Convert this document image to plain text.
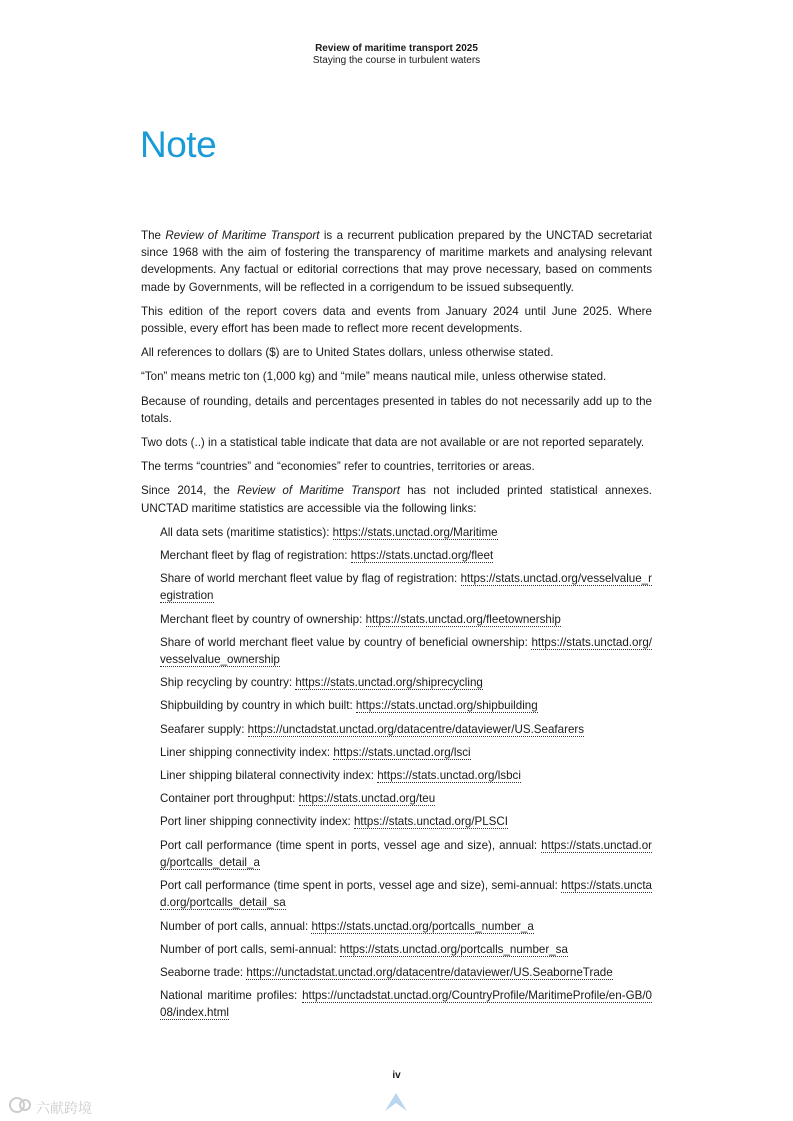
Review of maritime transport 2025
Staying the course in turbulent waters
Note

The Review of Maritime Transport is a recurrent publication prepared by the UNCTAD secretariat since 1968 with the aim of fostering the transparency of maritime markets and analysing relevant developments. Any factual or editorial corrections that may prove necessary, based on comments made by Governments, will be reflected in a corrigendum to be issued subsequently.

This edition of the report covers data and events from January 2024 until June 2025. Where possible, every effort has been made to reflect more recent developments.

All references to dollars ($) are to United States dollars, unless otherwise stated.

“Ton” means metric ton (1,000 kg) and “mile” means nautical mile, unless otherwise stated.

Because of rounding, details and percentages presented in tables do not necessarily add up to the totals.

Two dots (..) in a statistical table indicate that data are not available or are not reported separately.

The terms “countries” and “economies” refer to countries, territories or areas.

Since 2014, the Review of Maritime Transport has not included printed statistical annexes. UNCTAD maritime statistics are accessible via the following links:

All data sets (maritime statistics): https://stats.unctad.org/Maritime
Merchant fleet by flag of registration: https://stats.unctad.org/fleet
Share of world merchant fleet value by flag of registration: https://stats.unctad.org/vesselvalue_registration
Merchant fleet by country of ownership: https://stats.unctad.org/fleetownership
Share of world merchant fleet value by country of beneficial ownership: https://stats.unctad.org/vesselvalue_ownership
Ship recycling by country: https://stats.unctad.org/shiprecycling
Shipbuilding by country in which built: https://stats.unctad.org/shipbuilding
Seafarer supply: https://unctadstat.unctad.org/datacentre/dataviewer/US.Seafarers
Liner shipping connectivity index: https://stats.unctad.org/lsci
Liner shipping bilateral connectivity index: https://stats.unctad.org/lsbci
Container port throughput: https://stats.unctad.org/teu
Port liner shipping connectivity index: https://stats.unctad.org/PLSCI
Port call performance (time spent in ports, vessel age and size), annual: https://stats.unctad.org/portcalls_detail_a
Port call performance (time spent in ports, vessel age and size), semi-annual: https://stats.unctad.org/portcalls_detail_sa
Number of port calls, annual: https://stats.unctad.org/portcalls_number_a
Number of port calls, semi-annual: https://stats.unctad.org/portcalls_number_sa
Seaborne trade: https://unctadstat.unctad.org/datacentre/dataviewer/US.SeaborneTrade
National maritime profiles: https://unctadstat.unctad.org/CountryProfile/MaritimeProfile/en-GB/008/index.html
iv
六献跨境
